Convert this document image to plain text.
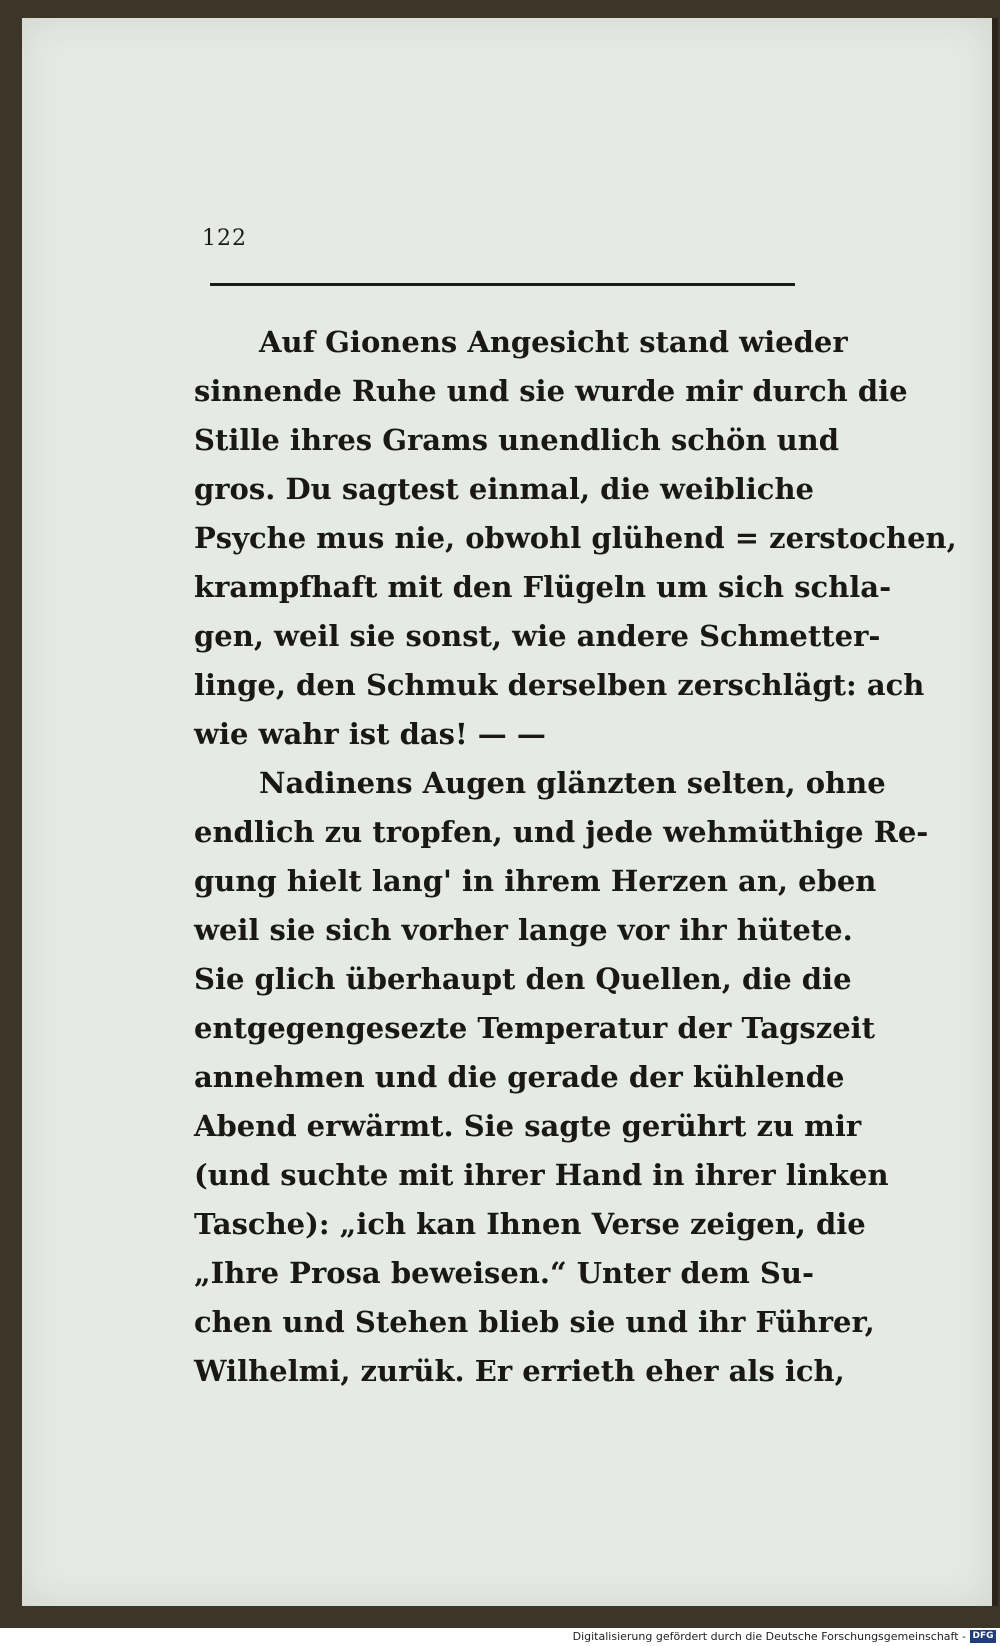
122
Auf Gionens Angesicht stand wieder
sinnende Ruhe und sie wurde mir durch die
Stille ihres Grams unendlich schön und
gros. Du sagtest einmal, die weibliche
Psyche mus nie, obwohl glühend = zerstochen,
krampfhaft mit den Flügeln um sich schla-
gen, weil sie sonst, wie andere Schmetter-
linge, den Schmuk derselben zerschlägt: ach
wie wahr ist das! — —
Nadinens Augen glänzten selten, ohne
endlich zu tropfen, und jede wehmüthige Re-
gung hielt lang' in ihrem Herzen an, eben
weil sie sich vorher lange vor ihr hütete.
Sie glich überhaupt den Quellen, die die
entgegengesezte Temperatur der Tagszeit
annehmen und die gerade der kühlende
Abend erwärmt. Sie sagte gerührt zu mir
(und suchte mit ihrer Hand in ihrer linken
Tasche): „ich kan Ihnen Verse zeigen, die
„Ihre Prosa beweisen.“ Unter dem Su-
chen und Stehen blieb sie und ihr Führer,
Wilhelmi, zurük. Er errieth eher als ich,
Digitalisierung gefördert durch die Deutsche Forschungsgemeinschaft - DFG
